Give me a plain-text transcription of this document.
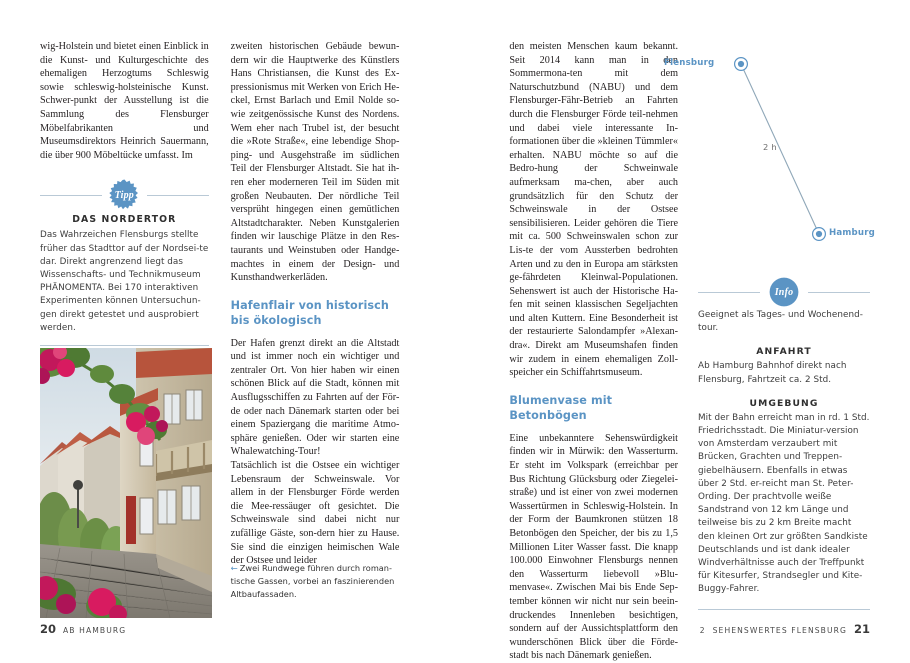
wig-Holstein und bietet einen Einblick in die Kunst- und Kulturgeschichte des ehemaligen Herzogtums Schleswig sowie schleswig-holsteinische Kunst. Schwer-punkt der Ausstellung ist die Sammlung des Flensburger Möbelfabrikanten und Museumsdirektors Heinrich Sauermann, die über 900 Möbeltücke umfasst. Im

Tipp
DAS NORDERTOR
Das Wahrzeichen Flensburgs stellte früher das Stadttor auf der Nordsei-te dar. Direkt angrenzend liegt das Wissenschafts- und Technikmuseum PHÄNOMENTA. Bei 170 interaktiven Experimenten können Untersuchun-gen direkt getestet und ausprobiert werden.

zweiten historischen Gebäude bewun-dern wir die Hauptwerke des Künstlers Hans Christiansen, die Kunst des Ex-pressionismus mit Werken von Erich He-ckel, Ernst Barlach und Emil Nolde so-wie zeitgenössische Kunst des Nordens. Wem eher nach Trubel ist, der besucht die »Rote Straße«, eine lebendige Shop-ping- und Ausgehstraße im südlichen Teil der Flensburger Altstadt. Sie hat ih-ren eher moderneren Teil im Süden mit großen Neubauten. Der nördliche Teil versprüht hingegen einen gemütlichen Altstadtcharakter. Neben Kunstgalerien finden wir lauschige Plätze in den Res-taurants und Weinstuben oder Handge-machtes in einem der Design- und Kunsthandwerkerläden.

Hafenflair von historisch bis ökologisch

Der Hafen grenzt direkt an die Altstadt und ist immer noch ein wichtiger und zentraler Ort. Von hier haben wir einen schönen Blick auf die Stadt, können mit Ausflugsschiffen zu Fahrten auf der För-de oder nach Dänemark starten oder bei einem Spaziergang die maritime Atmo-sphäre genießen. Oder wir starten eine Whalewatching-Tour!

Tatsächlich ist die Ostsee ein wichtiger Lebensraum der Schweinswale. Vor allem in der Flensburger Förde werden die Mee-ressäuger oft gesichtet. Die Schweinswale sind dabei nicht nur zufällige Gäste, son-dern hier zu Hause. Sie sind die einzigen heimischen Wale der Ostsee und leider

← Zwei Rundwege führen durch roman-tische Gassen, vorbei an faszinierenden Altbaufassaden.

den meisten Menschen kaum bekannt. Seit 2014 kann man in den Sommermona-ten mit dem Naturschutzbund (NABU) und dem Flensburger-Fähr-Betrieb an Fahrten durch die Flensburger Förde teil-nehmen und dabei viele interessante In-formationen über die »kleinen Tümmler« erhalten. NABU möchte so auf die Bedro-hung der Schweinwale aufmerksam ma-chen, aber auch grundsätzlich für den Schutz der Schweinswale in der Ostsee sensibilisieren. Leider gehören die Tiere mit ca. 500 Schweinswalen schon zur Lis-te der vom Aussterben bedrohten Arten und zu den in Europa am stärksten ge-fährdeten Kleinwal-Populationen. Sehenswert ist auch der Historische Ha-fen mit seinen klassischen Segeljachten und alten Kuttern. Eine Besonderheit ist der restaurierte Salondampfer »Alexan-dra«. Direkt am Museumshafen finden wir zudem in einem ehemaligen Zoll-speicher ein Schiffahrtsmuseum.

Blumenvase mit Betonbögen

Eine unbekanntere Sehenswürdigkeit finden wir in Mürwik: den Wasserturm. Er steht im Volkspark (erreichbar per Bus Richtung Glücksburg oder Ziegelei-straße) und ist einer von zwei modernen Wassertürmen in Schleswig-Holstein. In der Form der Baumkronen stützen 18 Betonbögen den Speicher, der bis zu 1,5 Millionen Liter Wasser fasst. Die knapp 100.000 Einwohner Flensburgs nennen den Wasserturm liebevoll »Blu-menvase«. Zwischen Mai bis Ende Sep-tember können wir nicht nur sein beein-druckendes Innenleben besichtigen, sondern auf der Aussichtsplattform den wunderschönen Blick über die Förde-stadt bis nach Dänemark genießen.

Flensburg
Hamburg
2 h
Info
Geeignet als Tages- und Wochenend-tour.
ANFAHRT
Ab Hamburg Bahnhof direkt nach Flensburg, Fahrtzeit ca. 2 Std.
UMGEBUNG
Mit der Bahn erreicht man in rd. 1 Std. Friedrichsstadt. Die Miniatur-version von Amsterdam verzaubert mit Brücken, Grachten und Treppen-giebelhäusern. Ebenfalls in etwas über 2 Std. er-reicht man St. Peter-Ording. Der prachtvolle weiße Sandstrand von 12 km Länge und teilweise bis zu 2 km Breite macht den kleinen Ort zur größten Sandkiste Deutschlands und ist dank idealer Windverhältnisse auch der Treffpunkt für Kitesurfer, Strandsegler und Kite-Buggy-Fahrer.
20 AB HAMBURG	2 SEHENSWERTES FLENSBURG 21
